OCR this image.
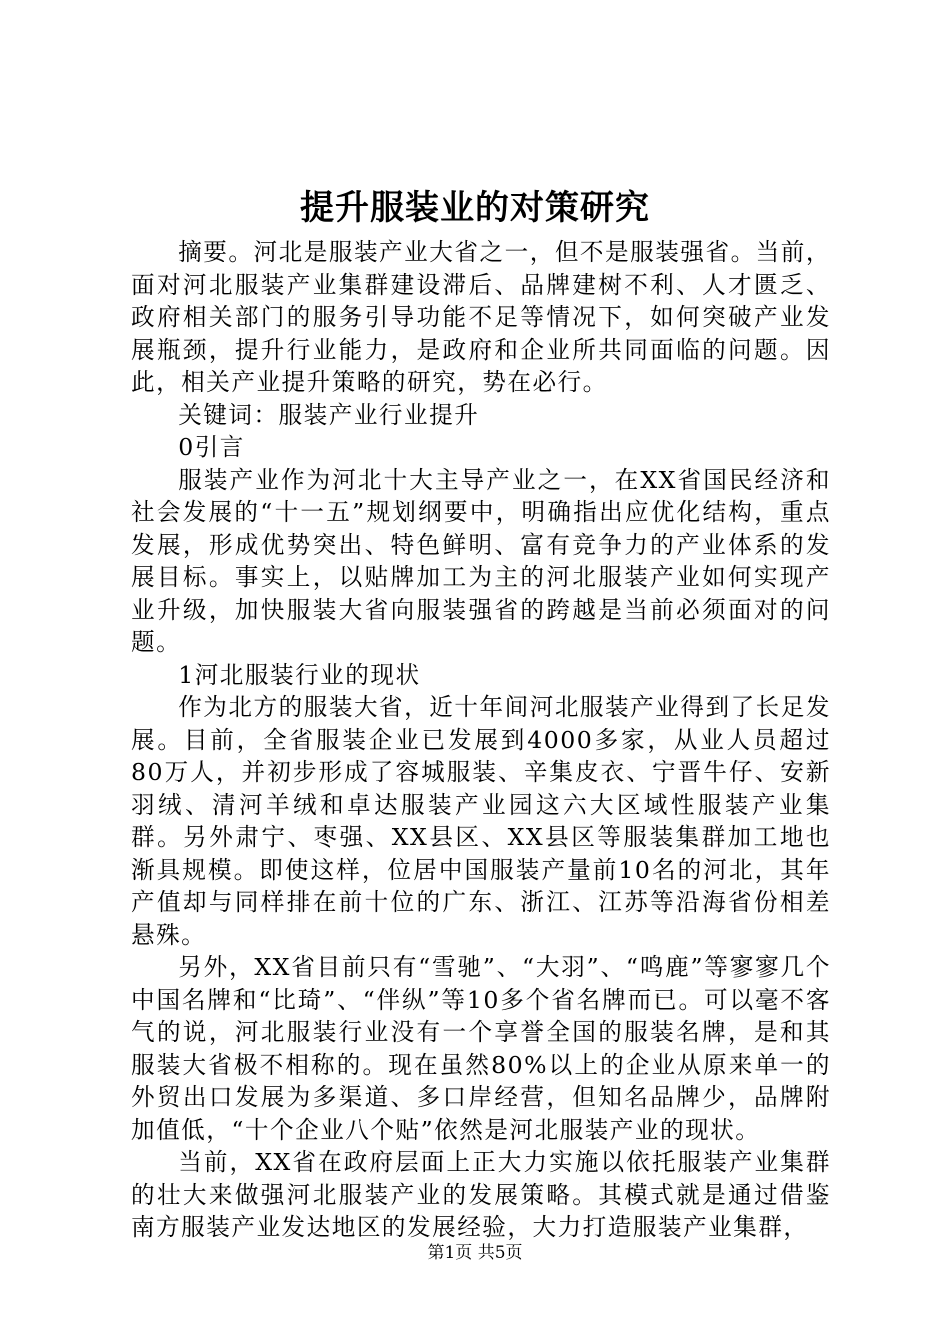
提升服装业的对策研究

摘要。河北是服装产业大省之一，但不是服装强省。当前，面对河北服装产业集群建设滞后、品牌建树不利、人才匮乏、政府相关部门的服务引导功能不足等情况下，如何突破产业发展瓶颈，提升行业能力，是政府和企业所共同面临的问题。因此，相关产业提升策略的研究，势在必行。

关键词：服装产业行业提升

0引言

服装产业作为河北十大主导产业之一，在XX省国民经济和社会发展的“十一五”规划纲要中，明确指出应优化结构，重点发展，形成优势突出、特色鲜明、富有竞争力的产业体系的发展目标。事实上，以贴牌加工为主的河北服装产业如何实现产业升级，加快服装大省向服装强省的跨越是当前必须面对的问题。

1河北服装行业的现状

作为北方的服装大省，近十年间河北服装产业得到了长足发展。目前，全省服装企业已发展到4000多家，从业人员超过80万人，并初步形成了容城服装、辛集皮衣、宁晋牛仔、安新羽绒、清河羊绒和卓达服装产业园这六大区域性服装产业集群。另外肃宁、枣强、XX县区、XX县区等服装集群加工地也渐具规模。即使这样，位居中国服装产量前10名的河北，其年产值却与同样排在前十位的广东、浙江、江苏等沿海省份相差悬殊。

另外，XX省目前只有“雪驰”、“大羽”、“鸣鹿”等寥寥几个中国名牌和“比琦”、“伴纵”等10多个省名牌而已。可以毫不客气的说，河北服装行业没有一个享誉全国的服装名牌，是和其服装大省极不相称的。现在虽然80%以上的企业从原来单一的外贸出口发展为多渠道、多口岸经营，但知名品牌少，品牌附加值低，“十个企业八个贴”依然是河北服装产业的现状。

当前，XX省在政府层面上正大力实施以依托服装产业集群的壮大来做强河北服装产业的发展策略。其模式就是通过借鉴南方服装产业发达地区的发展经验，大力打造服装产业集群，

第1页 共5页
